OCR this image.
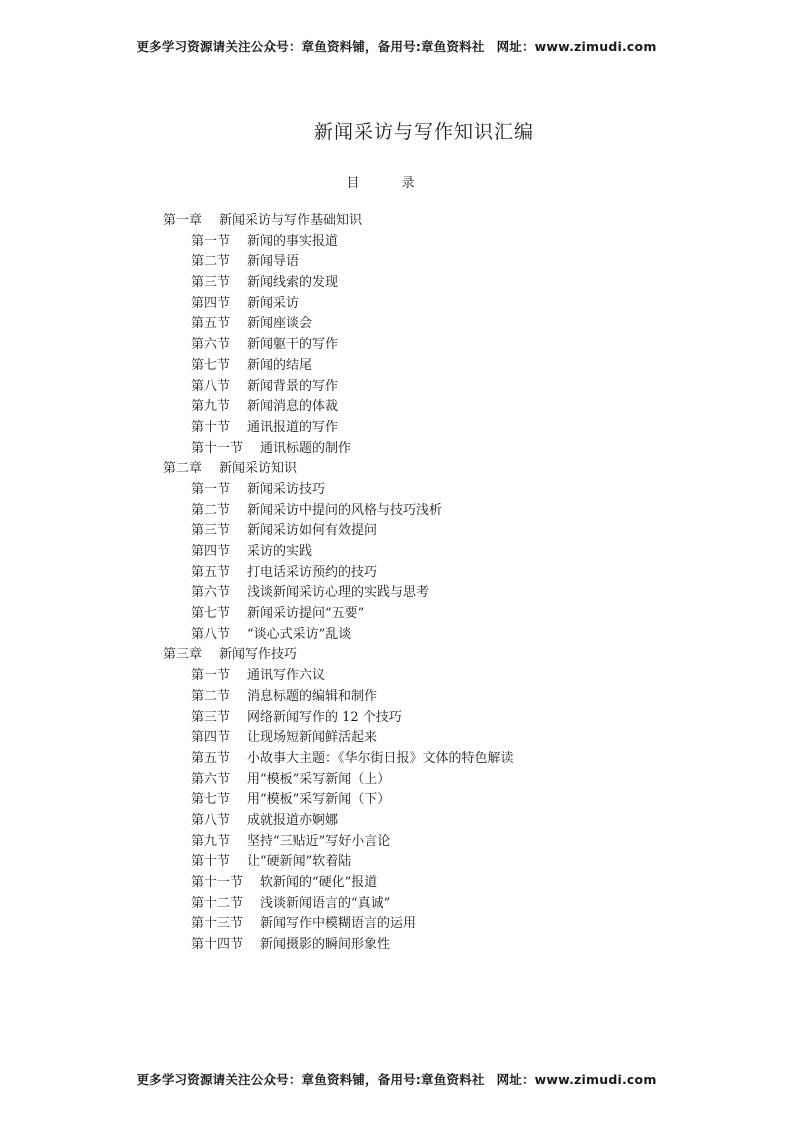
更多学习资源请关注公众号：章鱼资料铺，备用号:章鱼资料社 网址：www.zimudi.com
新闻采访与写作知识汇编
目录
第一章 新闻采访与写作基础知识
第一节 新闻的事实报道
第二节 新闻导语
第三节 新闻线索的发现
第四节 新闻采访
第五节 新闻座谈会
第六节 新闻躯干的写作
第七节 新闻的结尾
第八节 新闻背景的写作
第九节 新闻消息的体裁
第十节 通讯报道的写作
第十一节 通讯标题的制作
第二章 新闻采访知识
第一节 新闻采访技巧
第二节 新闻采访中提问的风格与技巧浅析
第三节 新闻采访如何有效提问
第四节 采访的实践
第五节 打电话采访预约的技巧
第六节 浅谈新闻采访心理的实践与思考
第七节 新闻采访提问“五要”
第八节 “谈心式采访”乱谈
第三章 新闻写作技巧
第一节 通讯写作六议
第二节 消息标题的编辑和制作
第三节 网络新闻写作的 12 个技巧
第四节 让现场短新闻鲜活起来
第五节 小故事大主题：《华尔街日报》文体的特色解读
第六节 用“模板”采写新闻（上）
第七节 用“模板”采写新闻（下）
第八节 成就报道亦婀娜
第九节 坚持“三贴近”写好小言论
第十节 让“硬新闻”软着陆
第十一节 软新闻的“硬化”报道
第十二节 浅谈新闻语言的“真诚”
第十三节 新闻写作中模糊语言的运用
第十四节 新闻摄影的瞬间形象性
更多学习资源请关注公众号：章鱼资料铺，备用号:章鱼资料社 网址：www.zimudi.com
